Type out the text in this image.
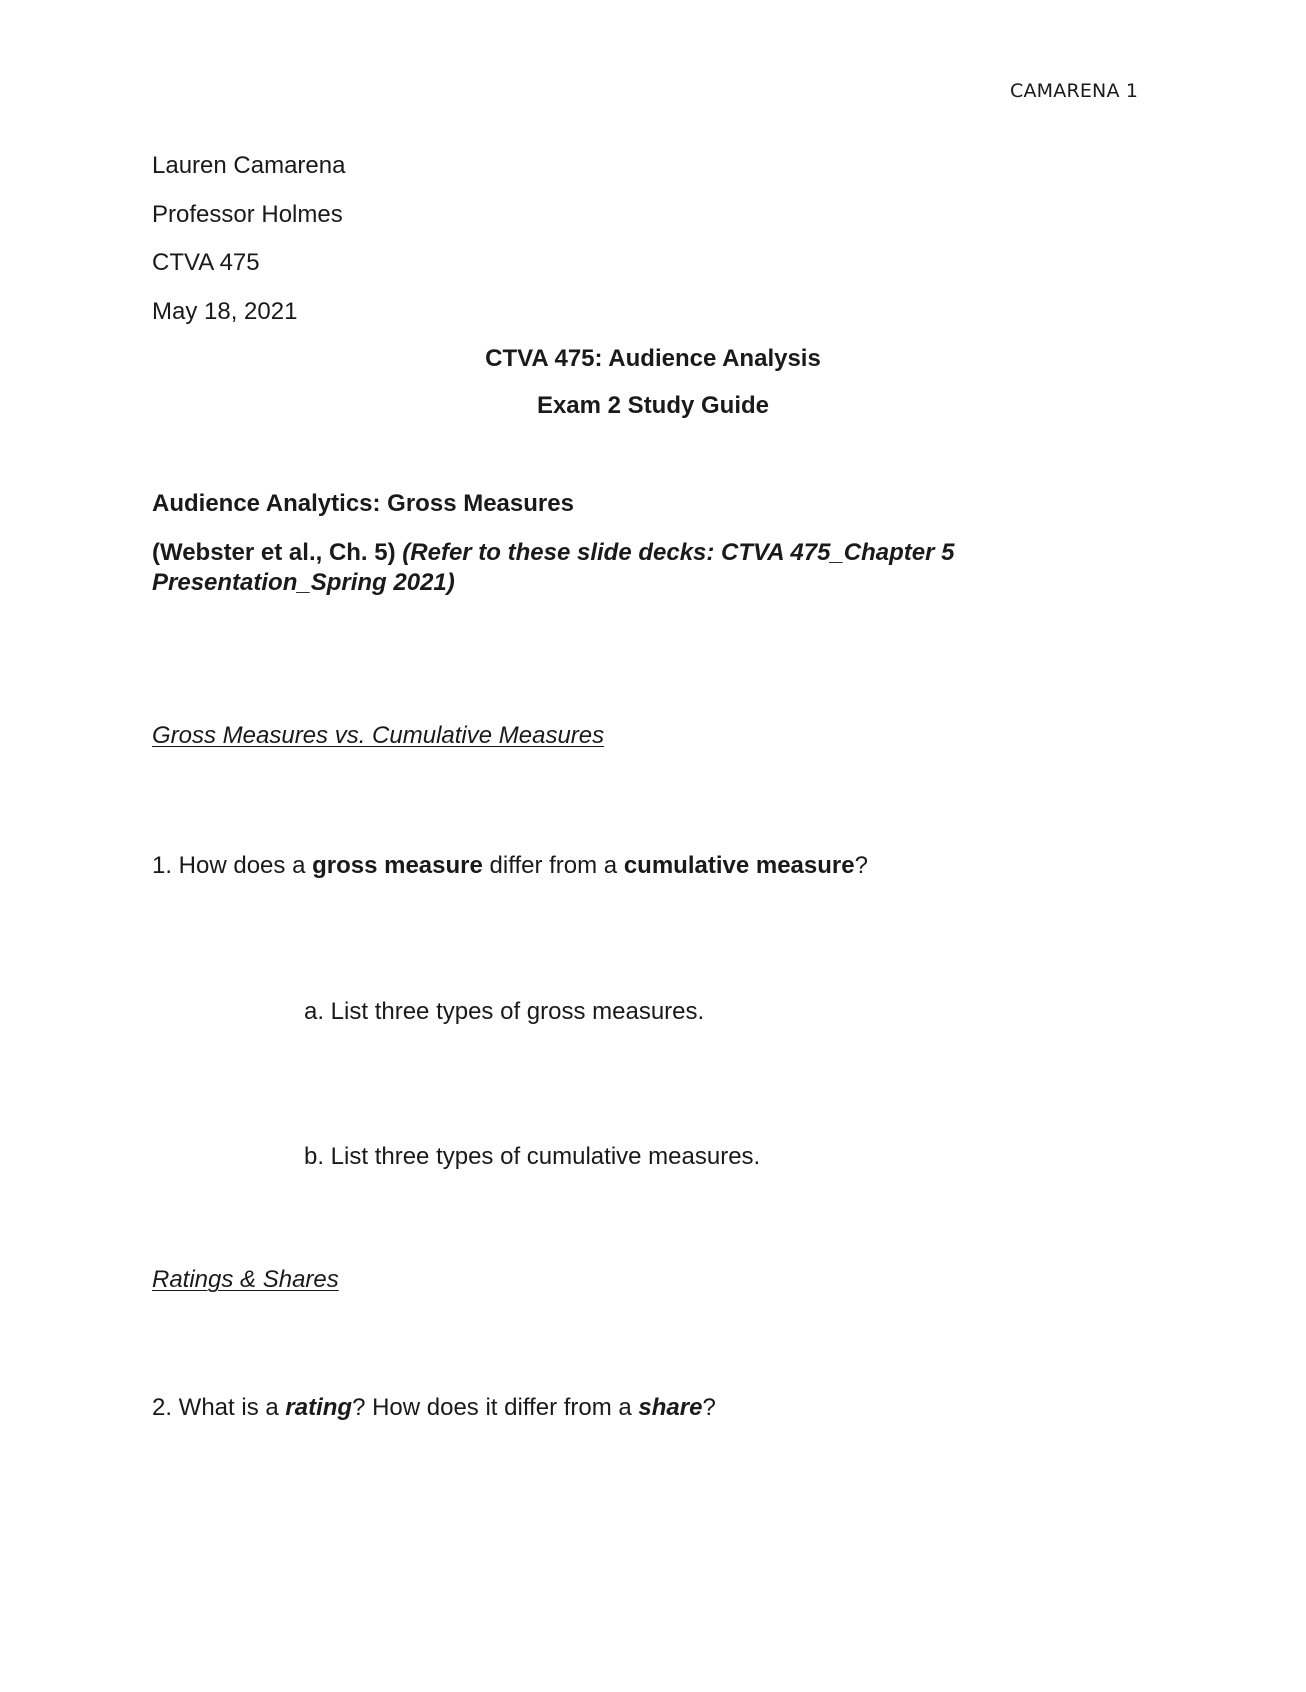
CAMARENA 1
Lauren Camarena
Professor Holmes
CTVA 475
May 18, 2021
CTVA 475: Audience Analysis
Exam 2 Study Guide
Audience Analytics: Gross Measures
(Webster et al., Ch. 5) (Refer to these slide decks: CTVA 475_Chapter 5 Presentation_Spring 2021)
Gross Measures vs. Cumulative Measures
1. How does a gross measure differ from a cumulative measure?
a. List three types of gross measures.
b. List three types of cumulative measures.
Ratings & Shares
2. What is a rating? How does it differ from a share?
